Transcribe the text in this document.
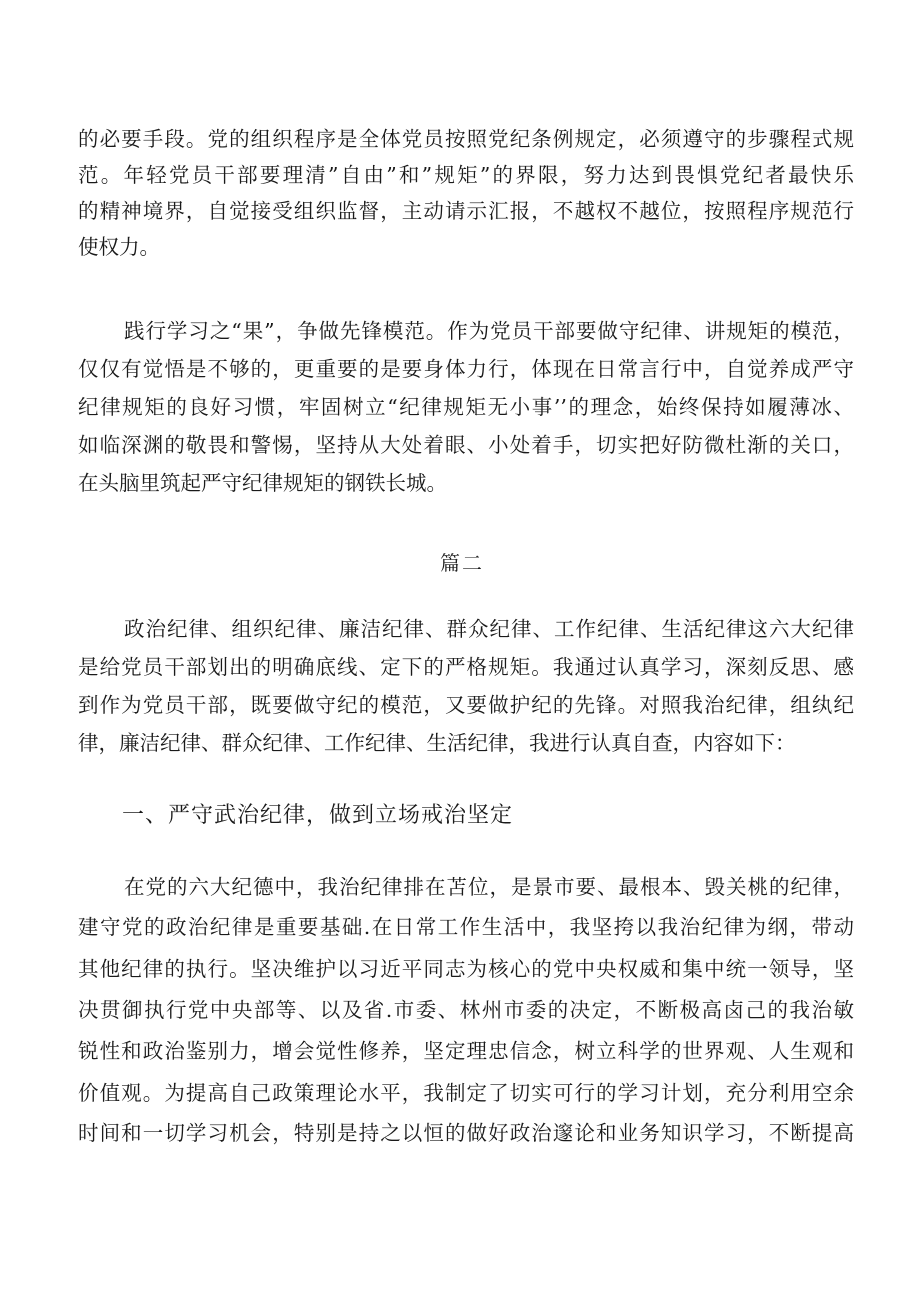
的必要手段。党的组织程序是全体党员按照党纪条例规定，必须遵守的步骤程式规
范。年轻党员干部要理清”自由”和”规矩”的界限，努力达到畏惧党纪者最快乐
的精神境界，自觉接受组织监督，主动请示汇报，不越权不越位，按照程序规范行
使权力。
践行学习之“果”，争做先锋模范。作为党员干部要做守纪律、讲规矩的模范，
仅仅有觉悟是不够的，更重要的是要身体力行，体现在日常言行中，自觉养成严守
纪律规矩的良好习惯，牢固树立“纪律规矩无小事’’的理念，始终保持如履薄冰、
如临深渊的敬畏和警惕，坚持从大处着眼、小处着手，切实把好防微杜渐的关口，
在头脑里筑起严守纪律规矩的钢铁长城。
篇二
政治纪律、组织纪律、廉洁纪律、群众纪律、工作纪律、生活纪律这六大纪律
是给党员干部划出的明确底线、定下的严格规矩。我通过认真学习，深刻反思、感
到作为党员干部，既要做守纪的模范，又要做护纪的先锋。对照我治纪律，组纨纪
律，廉洁纪律、群众纪律、工作纪律、生活纪律，我进行认真自查，内容如下：
一、严守武治纪律，做到立场戒治坚定
在党的六大纪德中，我治纪律排在苫位，是景市要、最根本、毁关桃的纪律，
建守党的政治纪律是重要基础.在日常工作生活中，我坚挎以我治纪律为纲，带动
其他纪律的执行。坚决维护以习近平同志为核心的党中央权威和集中统一领导，坚
决贯御执行党中央部等、以及省.市委、林州市委的决定，不断极高卤己的我治敏
锐性和政治鉴别力，增会觉性修养，坚定理忠信念，树立科学的世界观、人生观和
价值观。为提高自己政策理论水平，我制定了切实可行的学习计划，充分利用空余
时间和一切学习机会，特别是持之以恒的做好政治邃论和业务知识学习，不断提高
